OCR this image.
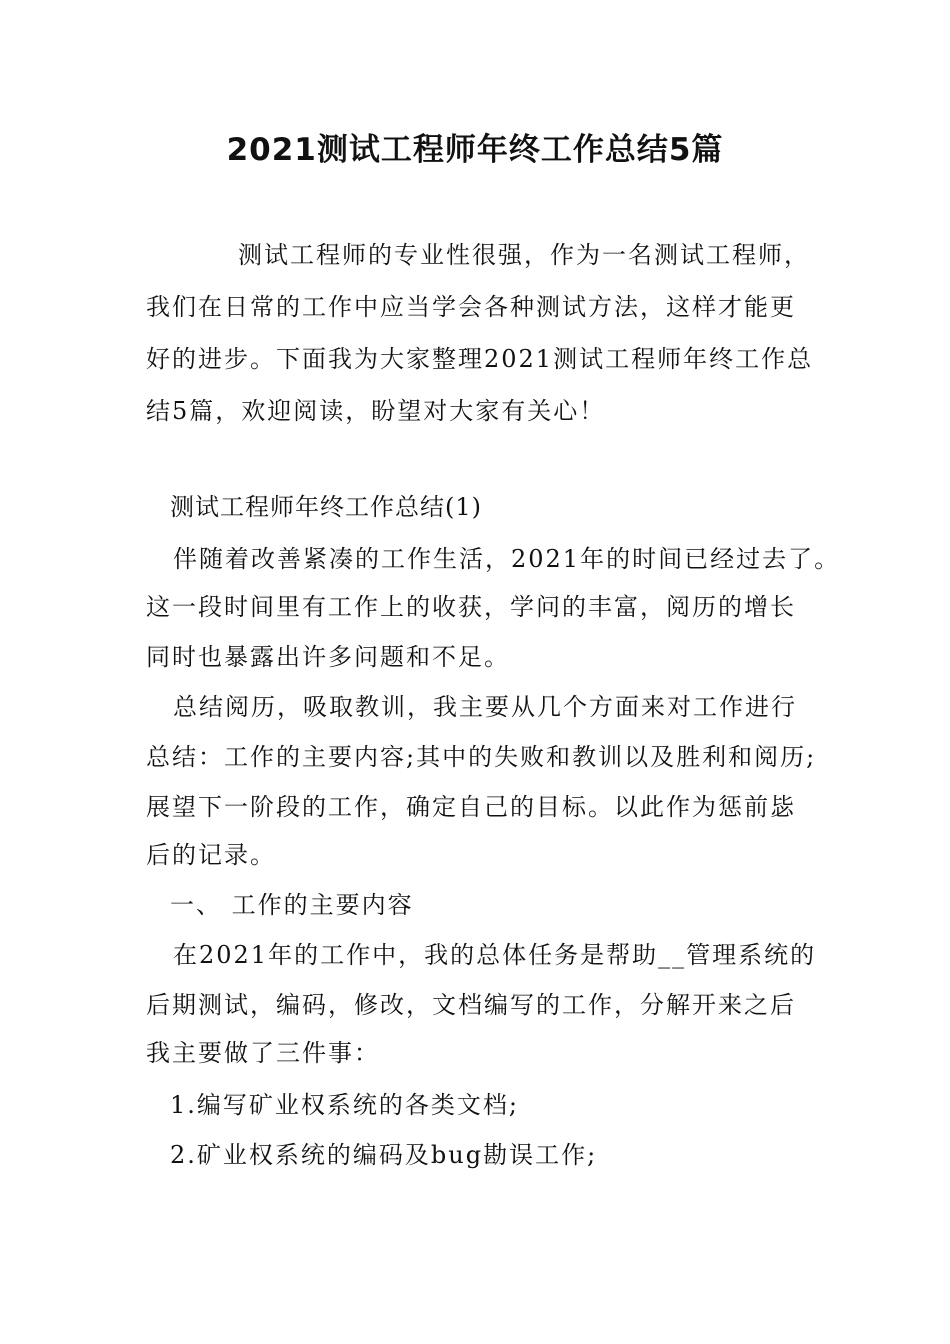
2021测试工程师年终工作总结5篇
测试工程师的专业性很强，作为一名测试工程师，
我们在日常的工作中应当学会各种测试方法，这样才能更
好的进步。下面我为大家整理2021测试工程师年终工作总
结5篇，欢迎阅读，盼望对大家有关心！
测试工程师年终工作总结(1)
伴随着改善紧凑的工作生活，2021年的时间已经过去了。
这一段时间里有工作上的收获，学问的丰富，阅历的增长
同时也暴露出许多问题和不足。
总结阅历，吸取教训，我主要从几个方面来对工作进行
总结：工作的主要内容;其中的失败和教训以及胜利和阅历;
展望下一阶段的工作，确定自己的目标。以此作为惩前毖
后的记录。
一、 工作的主要内容
在2021年的工作中，我的总体任务是帮助__管理系统的
后期测试，编码，修改，文档编写的工作，分解开来之后
我主要做了三件事：
1.编写矿业权系统的各类文档;
2.矿业权系统的编码及bug勘误工作;
